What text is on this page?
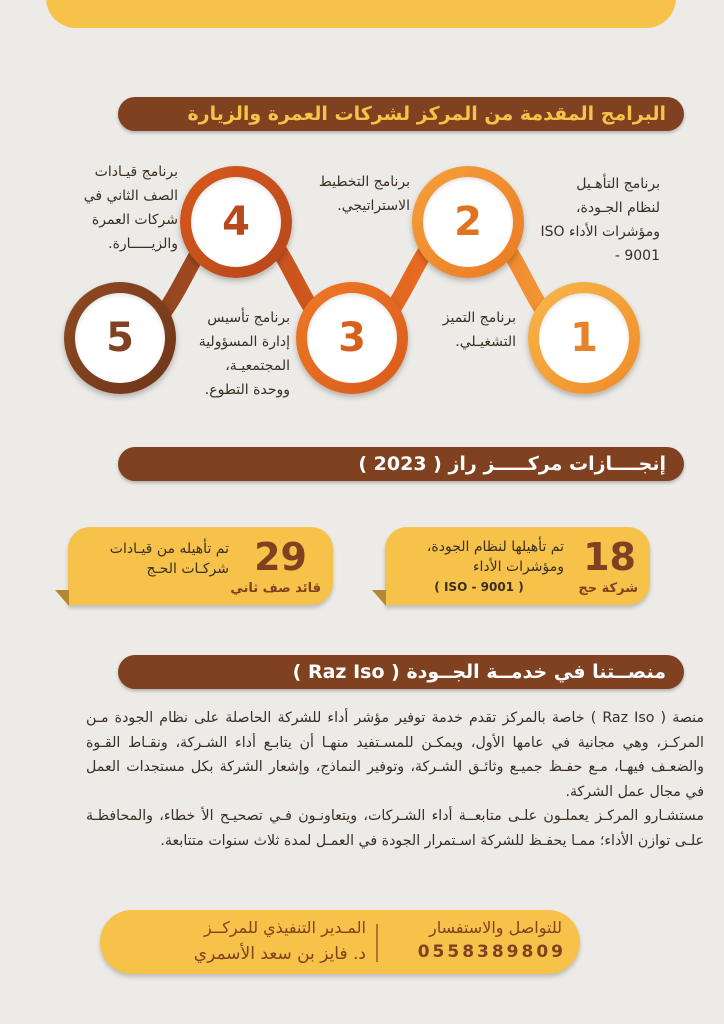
البرامج المقدمة من المركز لشركات العمرة والزيارة
1
2
3
4
5
برنامج التأهـيل لنظام الجـودة، ومؤشرات الأداء ISO - 9001
برنامج التخطيط الاستراتيجي.
برنامج قيـادات الصف الثاني في شركات العمرة والزيـــــارة.
برنامج التميز التشغيـلي.
برنامج تأسيس إدارة المسؤولية المجتمعيـة، ووحدة التطوع.
إنجــــازات مركـــــز راز ( 2023 )
18
شركة حج
تم تأهيلها لنظام الجودة،
ومؤشرات الأداء
( ISO - 9001 )
29
قائد صف ثاني
تم تأهيله من قيـادات
شركـات الحـج
منصــتنا في خدمــة الجــودة ( Raz Iso )
منصة ( Raz Iso ) خاصة بالمركز تقدم خدمة توفير مؤشر أداء للشركة الحاصلة على نظام الجودة مـن المركـز، وهي مجانية في عامها الأول، ويمكـن للمسـتفيد منهـا أن يتابـع أداء الشـركة، ونقـاط القـوة والضعـف فيهـا، مـع حفـظ جميـع وثائـق الشـركة، وتوفير النماذج، وإشعار الشركة بكل مستجدات العمل في مجال عمل الشركة.
مستشـارو المركـز يعملـون علـى متابعــة أداء الشـركات، ويتعاونـون فـي تصحيـح الأ خطاء، والمحافظـة علـى توازن الأداء؛ ممـا يحفـظ للشركة اسـتمرار الجودة في العمـل لمدة ثلاث سنوات متتابعة.
للتواصل والاستفسار
0558389809
المـدير التنفيذي للمركــز
د. فايز بن سعد الأسمري
